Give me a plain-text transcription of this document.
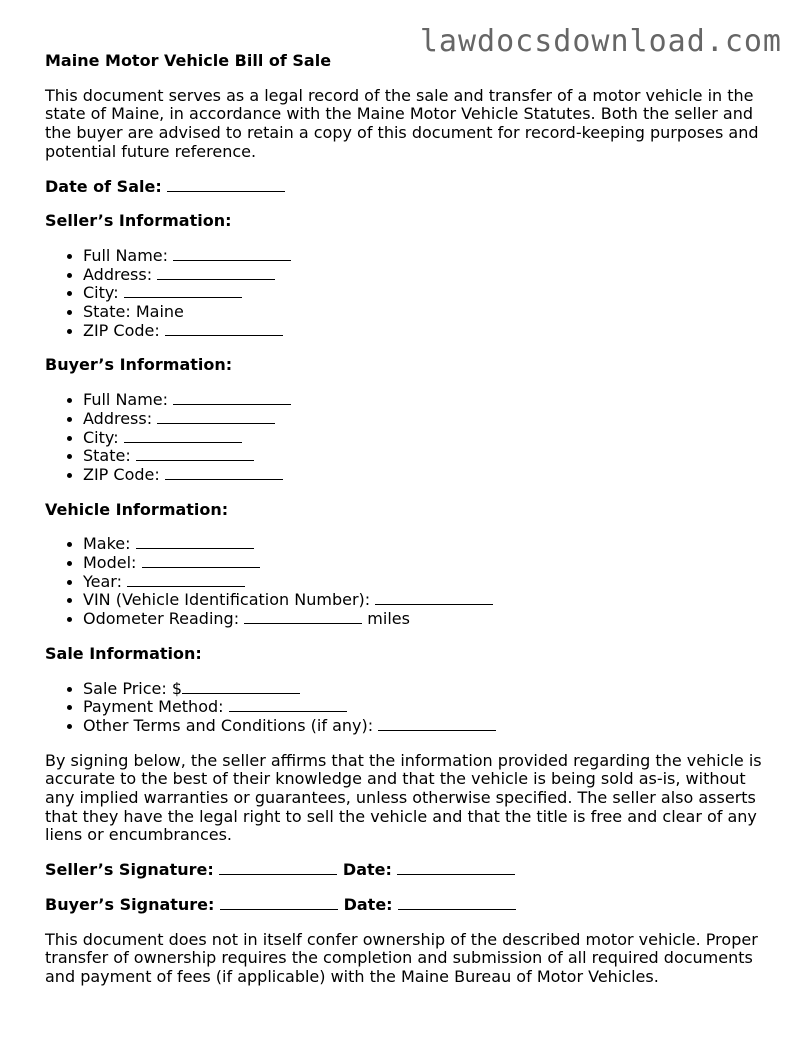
lawdocsdownload.com

Maine Motor Vehicle Bill of Sale

This document serves as a legal record of the sale and transfer of a motor vehicle in the state of Maine, in accordance with the Maine Motor Vehicle Statutes. Both the seller and the buyer are advised to retain a copy of this document for record-keeping purposes and potential future reference.

Date of Sale:

Seller’s Information:

Full Name:
Address:
City:
State: Maine
ZIP Code:

Buyer’s Information:

Full Name:
Address:
City:
State:
ZIP Code:

Vehicle Information:

Make:
Model:
Year:
VIN (Vehicle Identification Number):
Odometer Reading:	miles

Sale Information:

Sale Price: $
Payment Method:
Other Terms and Conditions (if any):

By signing below, the seller affirms that the information provided regarding the vehicle is accurate to the best of their knowledge and that the vehicle is being sold as-is, without any implied warranties or guarantees, unless otherwise specified. The seller also asserts that they have the legal right to sell the vehicle and that the title is free and clear of any liens or encumbrances.

Seller’s Signature:	Date:

Buyer’s Signature:	Date:

This document does not in itself confer ownership of the described motor vehicle. Proper transfer of ownership requires the completion and submission of all required documents and payment of fees (if applicable) with the Maine Bureau of Motor Vehicles.
